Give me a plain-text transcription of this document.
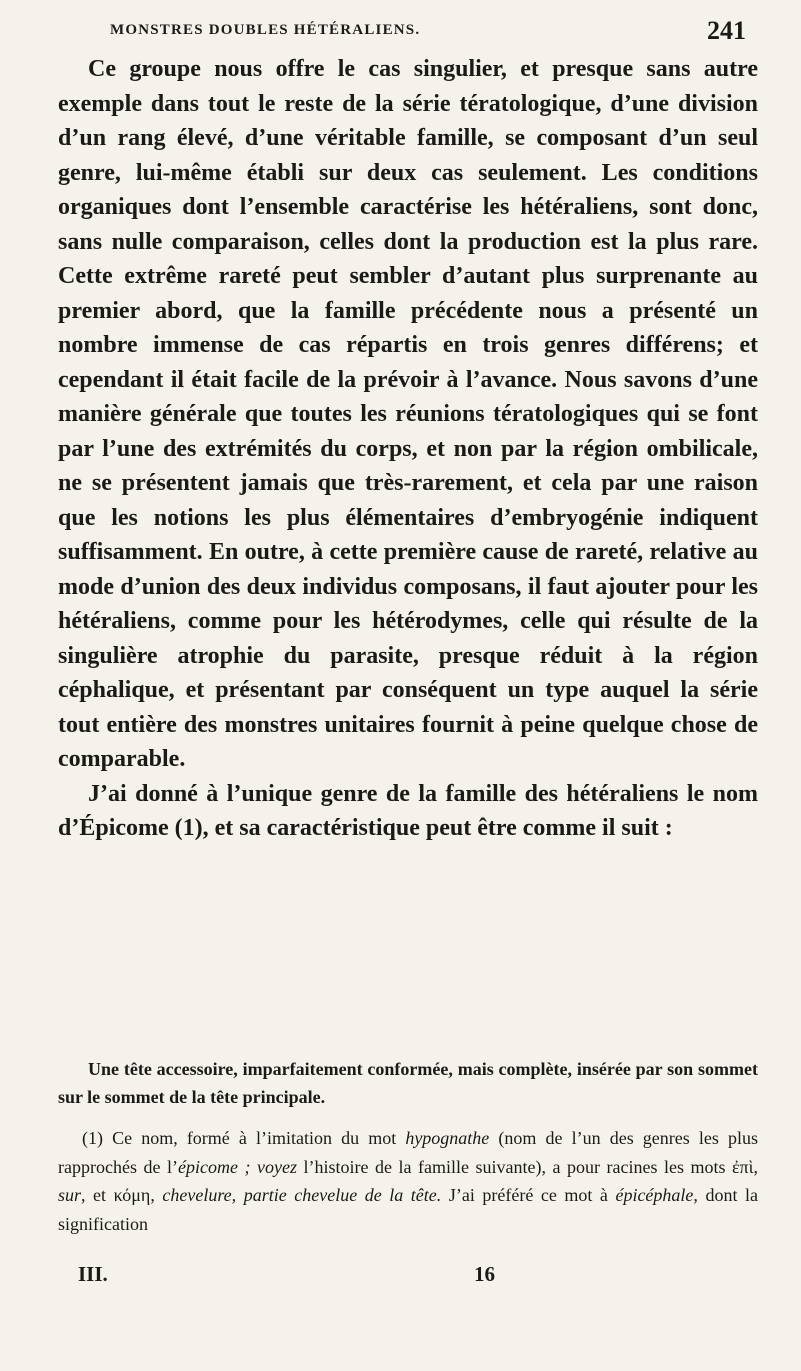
MONSTRES DOUBLES HÉTÉRALIENS.	241

Ce groupe nous offre le cas singulier, et presque sans autre exemple dans tout le reste de la série tératologique, d’une division d’un rang élevé, d’une véritable famille, se composant d’un seul genre, lui-même établi sur deux cas seulement. Les conditions organiques dont l’ensemble caractérise les hétéraliens, sont donc, sans nulle comparaison, celles dont la production est la plus rare. Cette extrême rareté peut sembler d’autant plus surprenante au premier abord, que la famille précédente nous a présenté un nombre immense de cas répartis en trois genres différens; et cependant il était facile de la prévoir à l’avance. Nous savons d’une manière générale que toutes les réunions tératologiques qui se font par l’une des extrémités du corps, et non par la région ombilicale, ne se présentent jamais que très-rarement, et cela par une raison que les notions les plus élémentaires d’embryogénie indiquent suffisamment. En outre, à cette première cause de rareté, relative au mode d’union des deux individus composans, il faut ajouter pour les hétéraliens, comme pour les hétérodymes, celle qui résulte de la singulière atrophie du parasite, presque réduit à la région céphalique, et présentant par conséquent un type auquel la série tout entière des monstres unitaires fournit à peine quelque chose de comparable.

J’ai donné à l’unique genre de la famille des hétéraliens le nom d’Épicome (1), et sa caractéristique peut être comme il suit :

Une tête accessoire, imparfaitement conformée, mais complète, insérée par son sommet sur le sommet de la tête principale.

(1) Ce nom, formé à l’imitation du mot hypognathe (nom de l’un des genres les plus rapprochés de l’épicome ; voyez l’histoire de la famille suivante), a pour racines les mots ἐπὶ, sur, et κόμη, chevelure, partie chevelue de la tête. J’ai préféré ce mot à épicéphale, dont la signification

III.	16
